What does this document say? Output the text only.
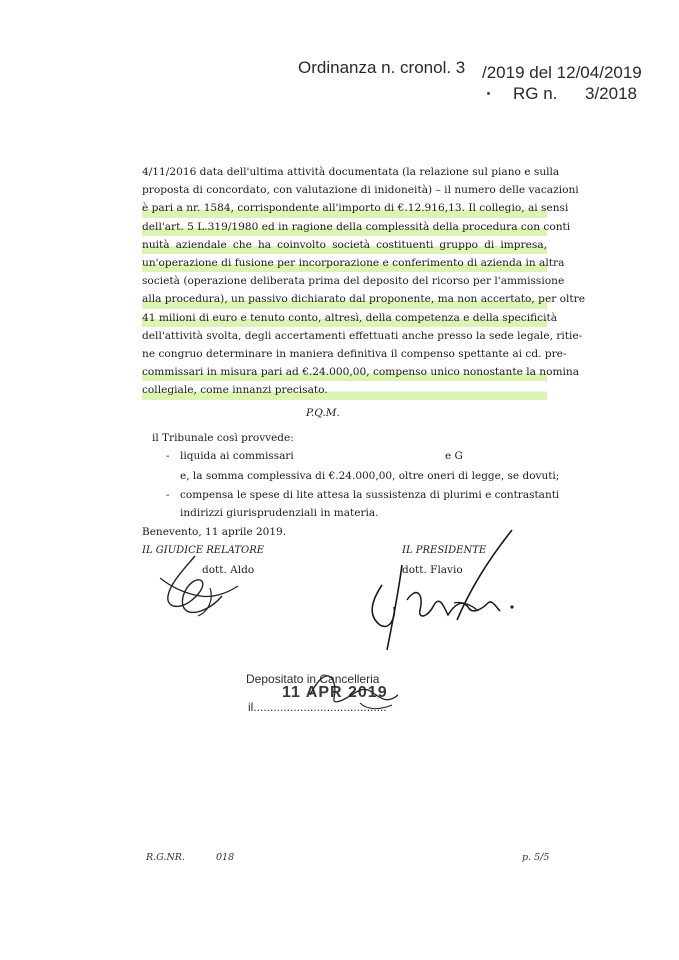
Ordinanza n. cronol. 3 /2019 del 12/04/2019
RG n. 3/2018
4/11/2016 data dell'ultima attività documentata (la relazione sul piano e sulla
proposta di concordato, con valutazione di inidoneità) – il numero delle vacazioni
è pari a nr. 1584, corrispondente all'importo di €.12.916,13. Il collegio, ai sensi
dell'art. 5 L.319/1980 ed in ragione della complessità della procedura con conti
nuità aziendale che ha coinvolto società costituenti gruppo di impresa,
un'operazione di fusione per incorporazione e conferimento di azienda in altra
società (operazione deliberata prima del deposito del ricorso per l'ammissione
alla procedura), un passivo dichiarato dal proponente, ma non accertato, per oltre
41 milioni di euro e tenuto conto, altresì, della competenza e della specificità
dell'attività svolta, degli accertamenti effettuati anche presso la sede legale, ritie-
ne congruo determinare in maniera definitiva il compenso spettante ai cd. pre-
commissari in misura pari ad €.24.000,00, compenso unico nonostante la nomina
collegiale, come innanzi precisato.
P.Q.M.
il Tribunale così provvede:
- liquida ai commissari	e G
e, la somma complessiva di €.24.000,00, oltre oneri di legge, se dovuti;
- compensa le spese di lite attesa la sussistenza di plurimi e contrastanti
indirizzi giurisprudenziali in materia.
Benevento, 11 aprile 2019.
IL GIUDICE RELATORE
dott. Aldo
IL PRESIDENTE
dott. Flavio
Depositato in Cancelleria
11 APR 2019
il........................................
R.G.NR.	018	p. 5/5
